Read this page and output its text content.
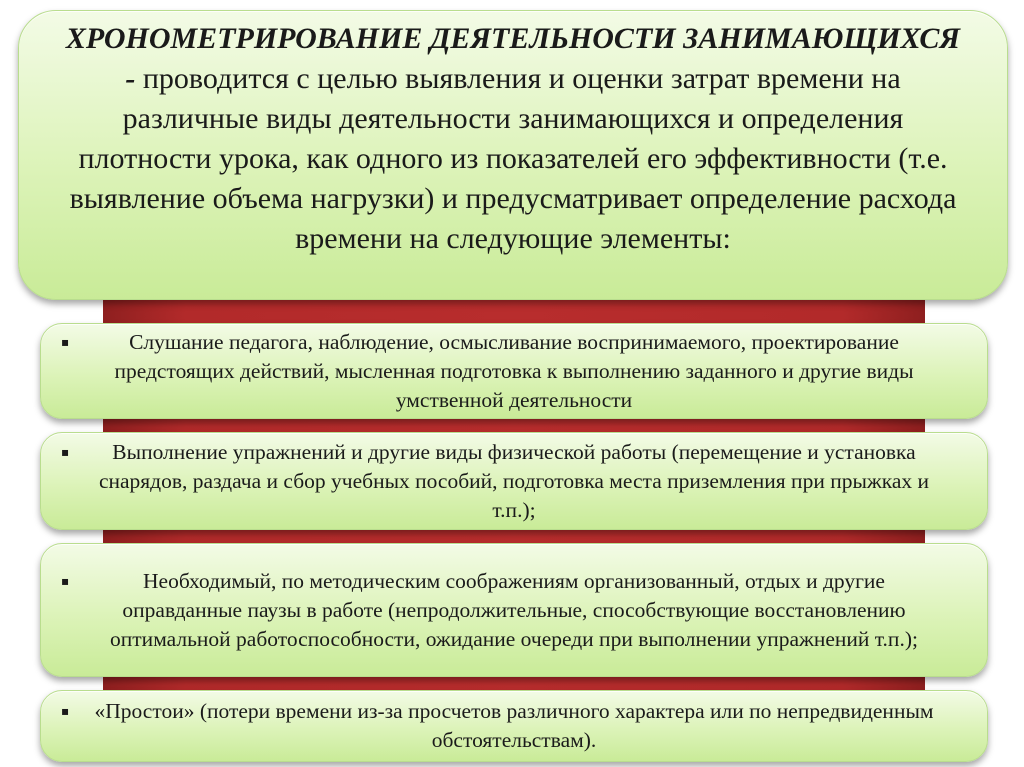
ХРОНОМЕТРИРОВАНИЕ ДЕЯТЕЛЬНОСТИ ЗАНИМАЮЩИХСЯ - проводится с целью выявления и оценки затрат времени на различные виды деятельности занимающихся и определения плотности урока, как одного из показателей его эффективности (т.е. выявление объема нагрузки) и предусматривает определение расхода времени на следующие элементы:
▪	Слушание педагога, наблюдение, осмысливание воспринимаемого, проектирование предстоящих действий, мысленная подготовка к выполнению заданного и другие виды умственной деятельности
▪ Выполнение упражнений и другие виды физической работы (перемещение и установка снарядов, раздача и сбор учебных пособий, подготовка места приземления при прыжках и т.п.);
▪	Необходимый, по методическим соображениям организованный, отдых и другие оправданные паузы в работе (непродолжительные, способствующие восстановлению оптимальной работоспособности, ожидание очереди при выполнении упражнений т.п.);
▪ «Простои» (потери времени из-за просчетов различного характера или по непредвиденным обстоятельствам).
